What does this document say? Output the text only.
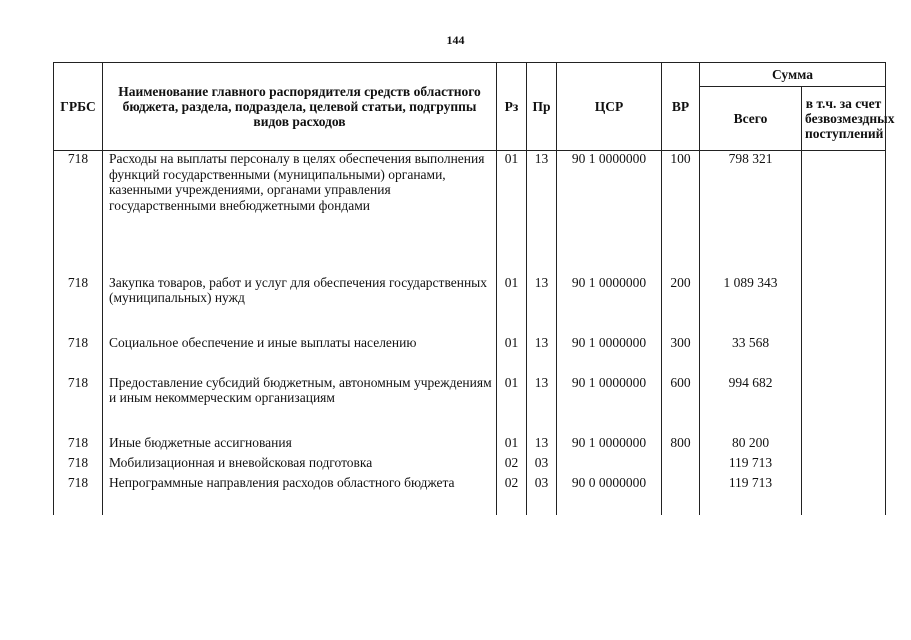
144
ГРБС	Наименование главного распорядителя средств областного бюджета, раздела, подраздела, целевой статьи, подгруппы видов расходов	Рз	Пр	ЦСР	ВР	Сумма	
						Всего	в т.ч. за счет безвозмездных поступлений
718	Расходы на выплаты персоналу в целях обеспечения выполнения функций государственными (муниципальными) органами, казенными учреждениями, органами управления государственными внебюджетными фондами	01	13	90 1 0000000	100	798 321	
718	Закупка товаров, работ и услуг для обеспечения государственных (муниципальных) нужд	01	13	90 1 0000000	200	1 089 343	
718	Социальное обеспечение и иные выплаты населению	01	13	90 1 0000000	300	33 568	
718	Предоставление субсидий бюджетным, автономным учреждениям и иным некоммерческим организациям	01	13	90 1 0000000	600	994 682	
718	Иные бюджетные ассигнования	01	13	90 1 0000000	800	80 200	
718	Мобилизационная и вневойсковая подготовка	02	03			119 713	
718	Непрограммные направления расходов областного бюджета	02	03	90 0 0000000		119 713	
